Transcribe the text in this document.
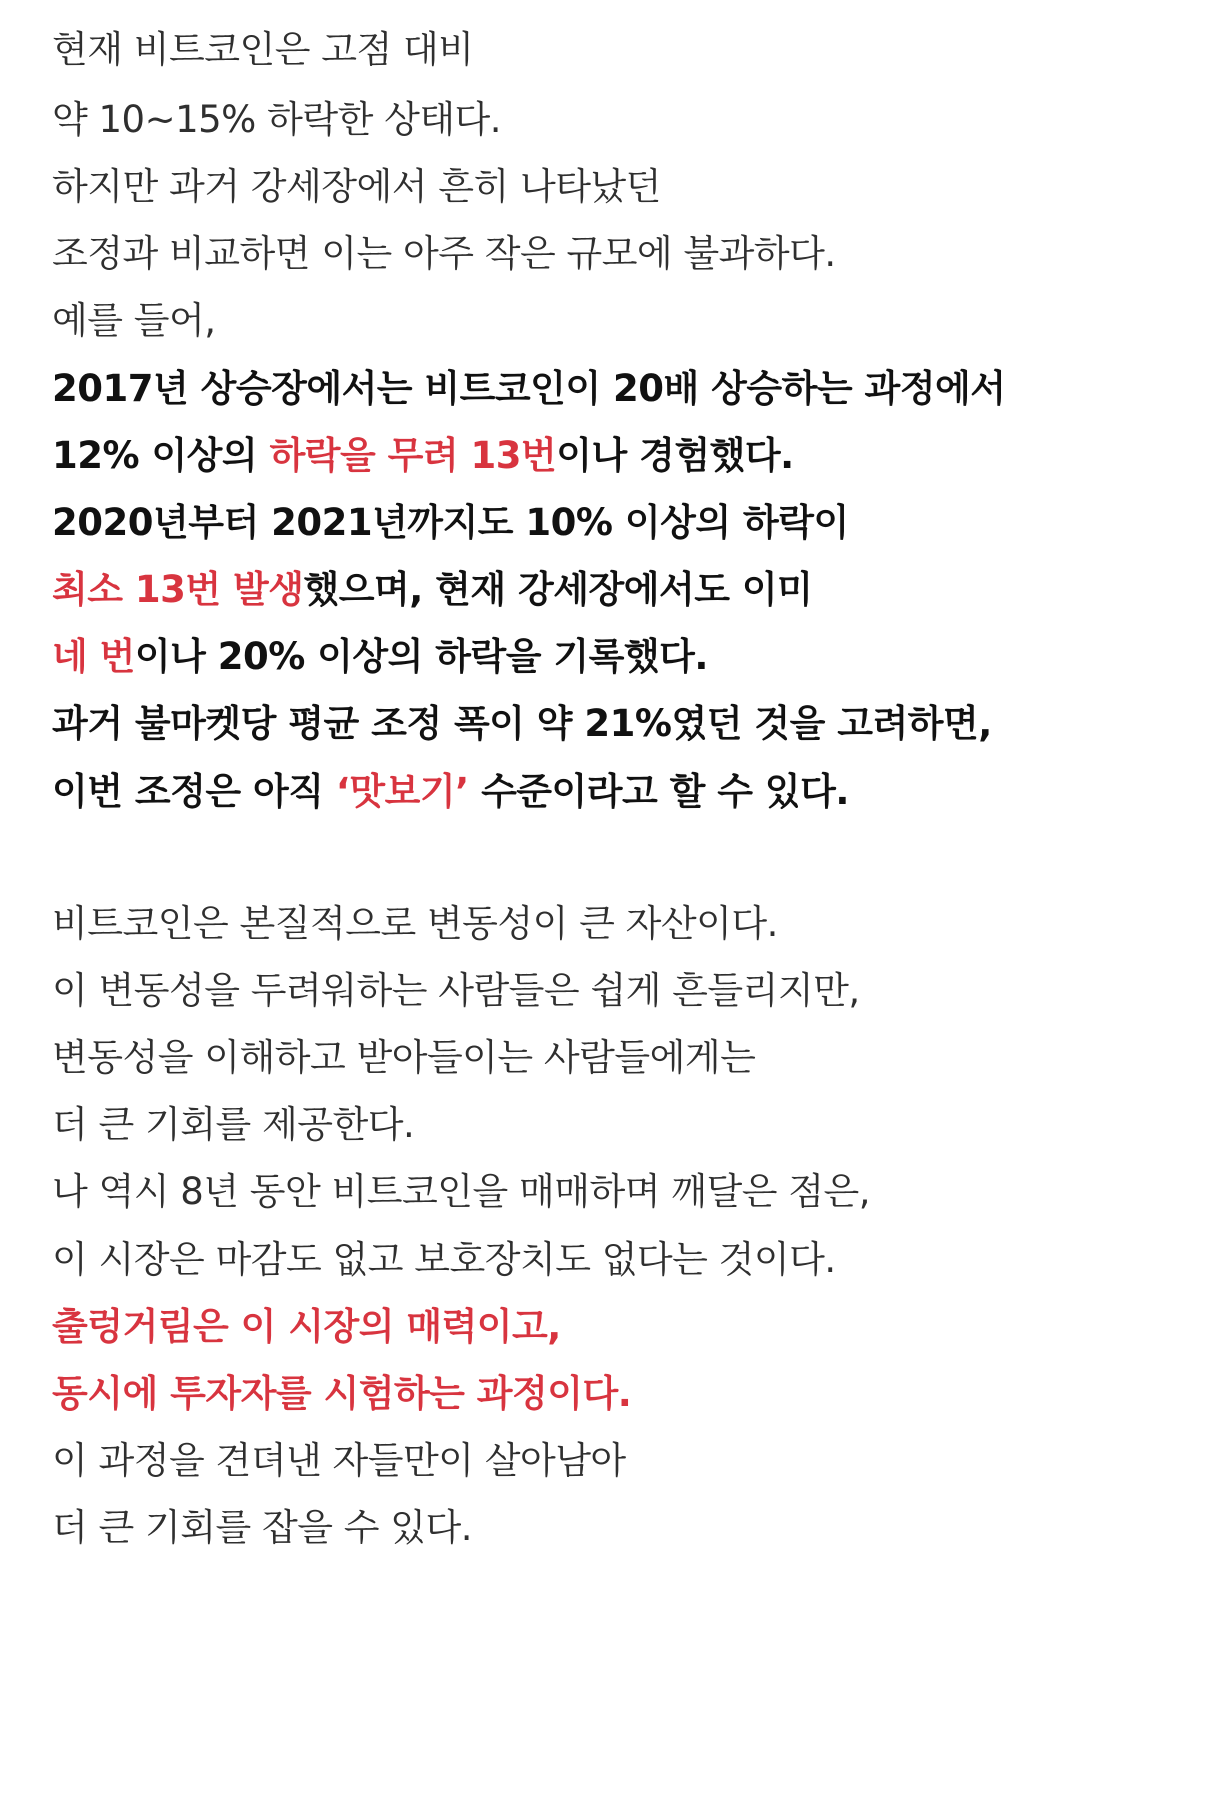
현재 비트코인은 고점 대비
약 10~15% 하락한 상태다.
하지만 과거 강세장에서 흔히 나타났던
조정과 비교하면 이는 아주 작은 규모에 불과하다.
예를 들어,
2017년 상승장에서는 비트코인이 20배 상승하는 과정에서
12% 이상의 하락을 무려 13번이나 경험했다.
2020년부터 2021년까지도 10% 이상의 하락이
최소 13번 발생했으며, 현재 강세장에서도 이미
네 번이나 20% 이상의 하락을 기록했다.
과거 불마켓당 평균 조정 폭이 약 21%였던 것을 고려하면,
이번 조정은 아직 ‘맛보기’ 수준이라고 할 수 있다.
비트코인은 본질적으로 변동성이 큰 자산이다.
이 변동성을 두려워하는 사람들은 쉽게 흔들리지만,
변동성을 이해하고 받아들이는 사람들에게는
더 큰 기회를 제공한다.
나 역시 8년 동안 비트코인을 매매하며 깨달은 점은,
이 시장은 마감도 없고 보호장치도 없다는 것이다.
출렁거림은 이 시장의 매력이고,
동시에 투자자를 시험하는 과정이다.
이 과정을 견뎌낸 자들만이 살아남아
더 큰 기회를 잡을 수 있다.
